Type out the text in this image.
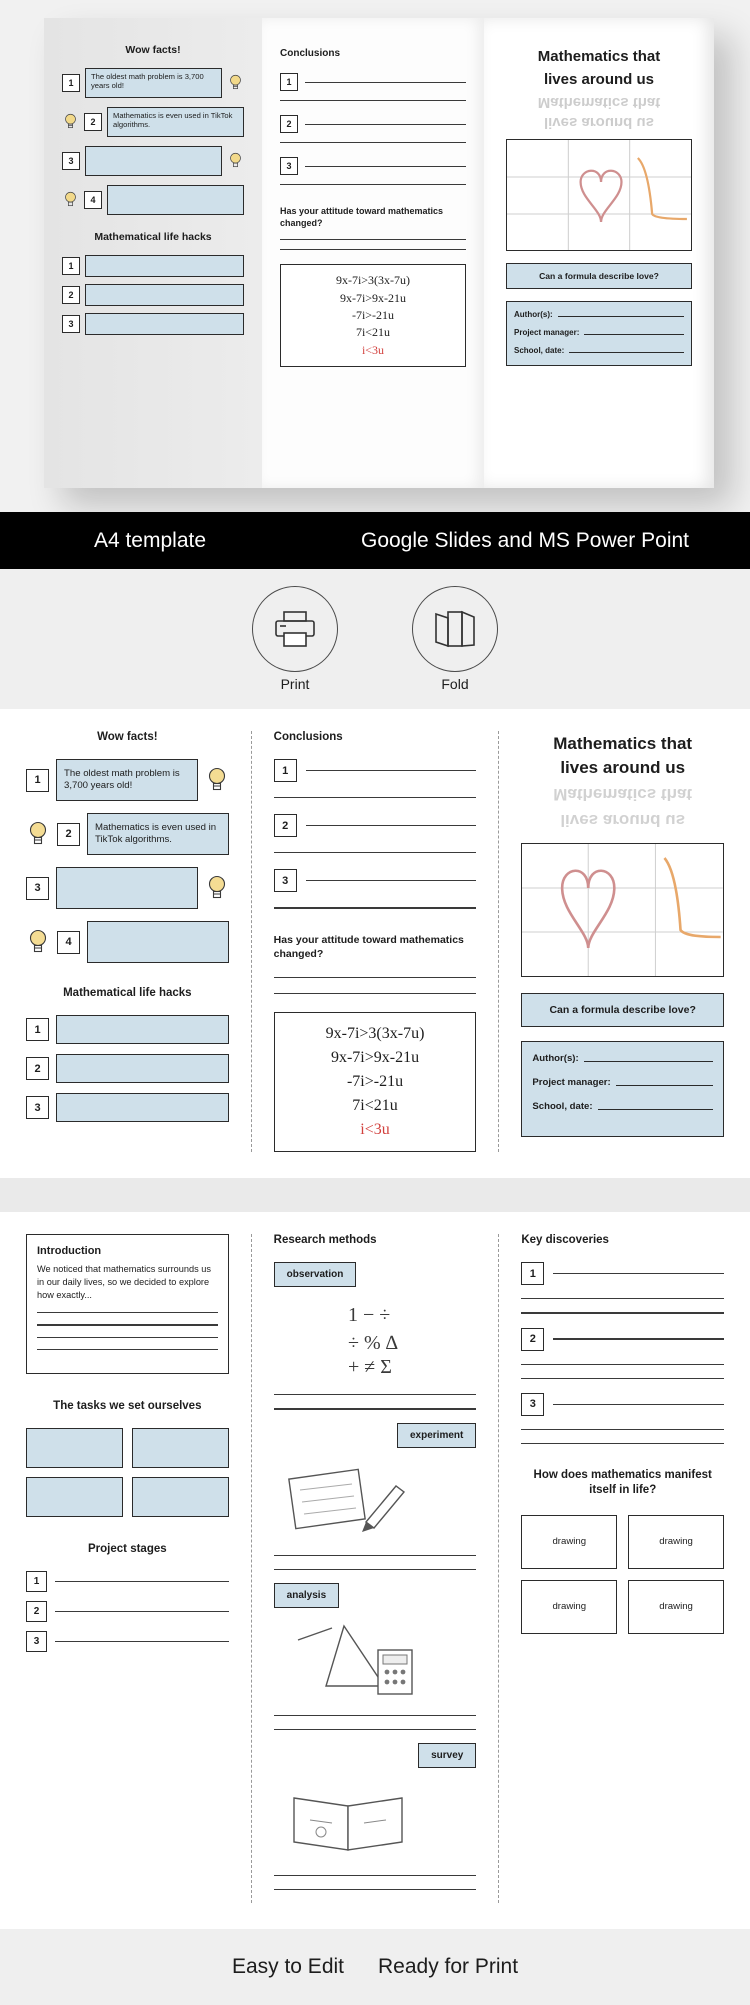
Wow facts!
1
The oldest math problem is 3,700 years old!
2
Mathematics is even used in TikTok algorithms.
3
4
Mathematical life hacks
1
2
3
Conclusions
1
2
3
Has your attitude toward mathematics changed?
9x-7i>3(3x-7u)
9x-7i>9x-21u
-7i>-21u
7i<21u
i<3u
Mathematics that
lives around us
Mathematics that
lives around us
Can a formula describe love?
Author(s):
Project manager:
School, date:
A4 template	Google Slides and MS Power Point
Print	Fold
Wow facts!
1
The oldest math problem is 3,700 years old!
2
Mathematics is even used in TikTok algorithms.
3
4
Mathematical life hacks
1
2
3
Conclusions
1
2
3
Has your attitude toward mathematics changed?
9x-7i>3(3x-7u)
9x-7i>9x-21u
-7i>-21u
7i<21u
i<3u
Mathematics that
lives around us
Mathematics that
lives around us
Can a formula describe love?
Author(s):
Project manager:
School, date:
Introduction
We noticed that mathematics surrounds us in our daily lives, so we decided to explore how exactly...
The tasks we set ourselves
Project stages
1
2
3
Research methods
observation
1 − ÷
÷ % ∆
+ ≠ Σ
experiment
analysis
survey
Key discoveries
1
2
3
How does mathematics manifest itself in life?
drawing	drawing
drawing	drawing
Easy to Edit Ready for Print
